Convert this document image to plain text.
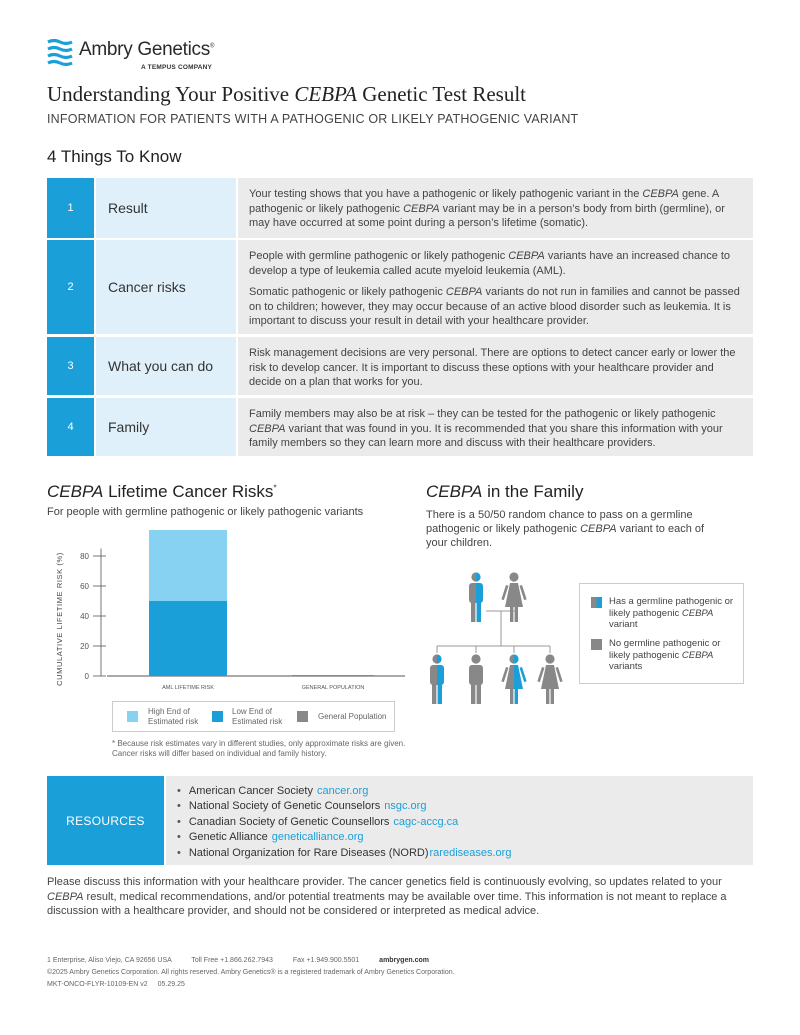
Ambry Genetics®
A TEMPUS COMPANY
Understanding Your Positive CEBPA Genetic Test Result
INFORMATION FOR PATIENTS WITH A PATHOGENIC OR LIKELY PATHOGENIC VARIANT
4 Things To Know
1	Result

Your testing shows that you have a pathogenic or likely pathogenic variant in the CEBPA gene. A pathogenic or likely pathogenic CEBPA variant may be in a person’s body from birth (germline), or may have occurred at some point during a person’s lifetime (somatic).

2	Cancer risks

People with germline pathogenic or likely pathogenic CEBPA variants have an increased chance to develop a type of leukemia called acute myeloid leukemia (AML).

Somatic pathogenic or likely pathogenic CEBPA variants do not run in families and cannot be passed on to children; however, they may occur because of an active blood disorder such as leukemia. It is important to discuss your result in detail with your healthcare provider.

3	What you can do

Risk management decisions are very personal. There are options to detect cancer early or lower the risk to develop cancer. It is important to discuss these options with your healthcare provider and decide on a plan that works for you.

4	Family

Family members may also be at risk – they can be tested for the pathogenic or likely pathogenic CEBPA variant that was found in you. It is recommended that you share this information with your family members so they can learn more and discuss with their healthcare providers.

CEBPA Lifetime Cancer Risks*
For people with germline pathogenic or likely pathogenic variants
CUMULATIVE LIFETIME RISK (%)	0
20
40
60
80
AML LIFETIME RISK	GENERAL POPULATION
High End of Estimated risk
Low End of Estimated risk
General Population
* Because risk estimates vary in different studies, only approximate risks are given. Cancer risks will differ based on individual and family history.
CEBPA in the Family
There is a 50/50 random chance to pass on a germline pathogenic or likely pathogenic CEBPA variant to each of your children.
Has a germline pathogenic or likely pathogenic CEBPA variant
No germline pathogenic or likely pathogenic CEBPA variants
RESOURCES
• American Cancer Society cancer.org
• National Society of Genetic Counselors nsgc.org
• Canadian Society of Genetic Counsellors cagc-accg.ca
• Genetic Alliance geneticalliance.org
• National Organization for Rare Diseases (NORD)rarediseases.org
Please discuss this information with your healthcare provider. The cancer genetics field is continuously evolving, so updates related to your CEBPA result, medical recommendations, and/or potential treatments may be available over time. This information is not meant to replace a discussion with a healthcare provider, and should not be considered or interpreted as medical advice.
1 Enterprise, Aliso Viejo, CA 92656 USA	Toll Free +1.866.262.7943	Fax +1.949.900.5501	ambrygen.com
©2025 Ambry Genetics Corporation. All rights reserved. Ambry Genetics® is a registered trademark of Ambry Genetics Corporation.
MKT-ONCO-FLYR-10109-EN v2 05.29.25
